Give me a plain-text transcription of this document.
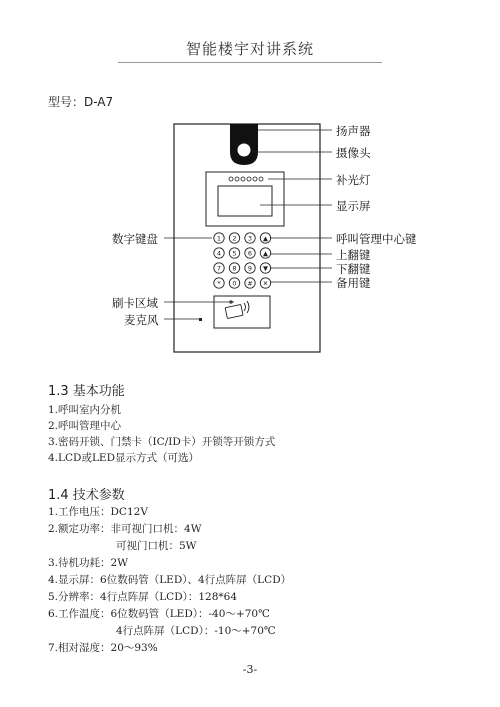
智能楼宇对讲系统
型号：D-A7
1 2 3 ▲
4 5 6 ▲
7 8 9 ▼
* 0 # ✕
扬声器
摄像头
补光灯
显示屏
呼叫管理中心键
上翻键
下翻键
备用键
数字键盘
刷卡区域
麦克风
1.3 基本功能
1.呼叫室内分机
2.呼叫管理中心
3.密码开锁、门禁卡（IC/ID卡）开锁等开锁方式
4.LCD或LED显示方式（可选）
1.4 技术参数
1.工作电压：DC12V
2.额定功率：非可视门口机：4W
可视门口机：5W
3.待机功耗：2W
4.显示屏：6位数码管（LED）、4行点阵屏（LCD）
5.分辨率：4行点阵屏（LCD）：128*64
6.工作温度：6位数码管（LED）：-40～+70℃
4行点阵屏（LCD）：-10～+70℃
7.相对湿度：20～93%
-3-
